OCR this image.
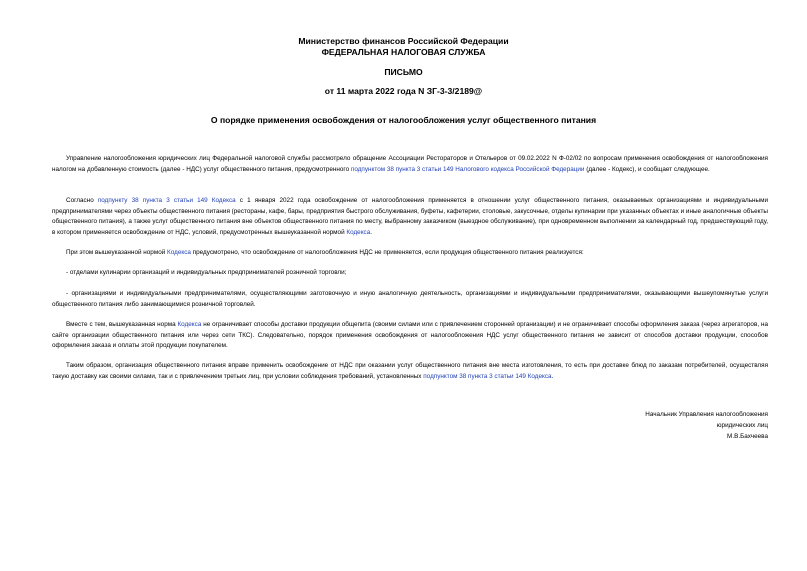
Министерство финансов Российской Федерации
ФЕДЕРАЛЬНАЯ НАЛОГОВАЯ СЛУЖБА
ПИСЬМО
от 11 марта 2022 года N ЗГ-3-3/2189@
О порядке применения освобождения от налогообложения услуг общественного питания
Управление налогообложения юридических лиц Федеральной налоговой службы рассмотрело обращение Ассоциации Рестораторов и Отельеров от 09.02.2022 N Ф-02/02 по вопросам применения освобождения от налогообложения налогом на добавленную стоимость (далее - НДС) услуг общественного питания, предусмотренного подпунктом 38 пункта 3 статьи 149 Налогового кодекса Российской Федерации (далее - Кодекс), и сообщает следующее.
Согласно подпункту 38 пункта 3 статьи 149 Кодекса с 1 января 2022 года освобождение от налогообложения применяется в отношении услуг общественного питания, оказываемых организациями и индивидуальными предпринимателями через объекты общественного питания (рестораны, кафе, бары, предприятия быстрого обслуживания, буфеты, кафетерии, столовые, закусочные, отделы кулинарии при указанных объектах и иные аналогичные объекты общественного питания), а также услуг общественного питания вне объектов общественного питания по месту, выбранному заказчиком (выездное обслуживание), при одновременном выполнении за календарный год, предшествующий году, в котором применяется освобождение от НДС, условий, предусмотренных вышеуказанной нормой Кодекса.
При этом вышеуказанной нормой Кодекса предусмотрено, что освобождение от налогообложения НДС не применяется, если продукция общественного питания реализуется:
- отделами кулинарии организаций и индивидуальных предпринимателей розничной торговли;
- организациями и индивидуальными предпринимателями, осуществляющими заготовочную и иную аналогичную деятельность, организациями и индивидуальными предпринимателями, оказывающими вышеупомянутые услуги общественного питания либо занимающимися розничной торговлей.
Вместе с тем, вышеуказанная норма Кодекса не ограничивает способы доставки продукции общепита (своими силами или с привлечением сторонней организации) и не ограничивает способы оформления заказа (через агрегаторов, на сайте организации общественного питания или через сети ТКС). Следовательно, порядок применения освобождения от налогообложения НДС услуг общественного питания не зависит от способов доставки продукции, способов оформления заказа и оплаты этой продукции покупателем.
Таким образом, организация общественного питания вправе применить освобождение от НДС при оказании услуг общественного питания вне места изготовления, то есть при доставке блюд по заказам потребителей, осуществляя такую доставку как своими силами, так и с привлечением третьих лиц, при условии соблюдения требований, установленных подпунктом 38 пункта 3 статьи 149 Кодекса.
Начальник Управления налогообложения
юридических лиц
М.В.Бахчеева
